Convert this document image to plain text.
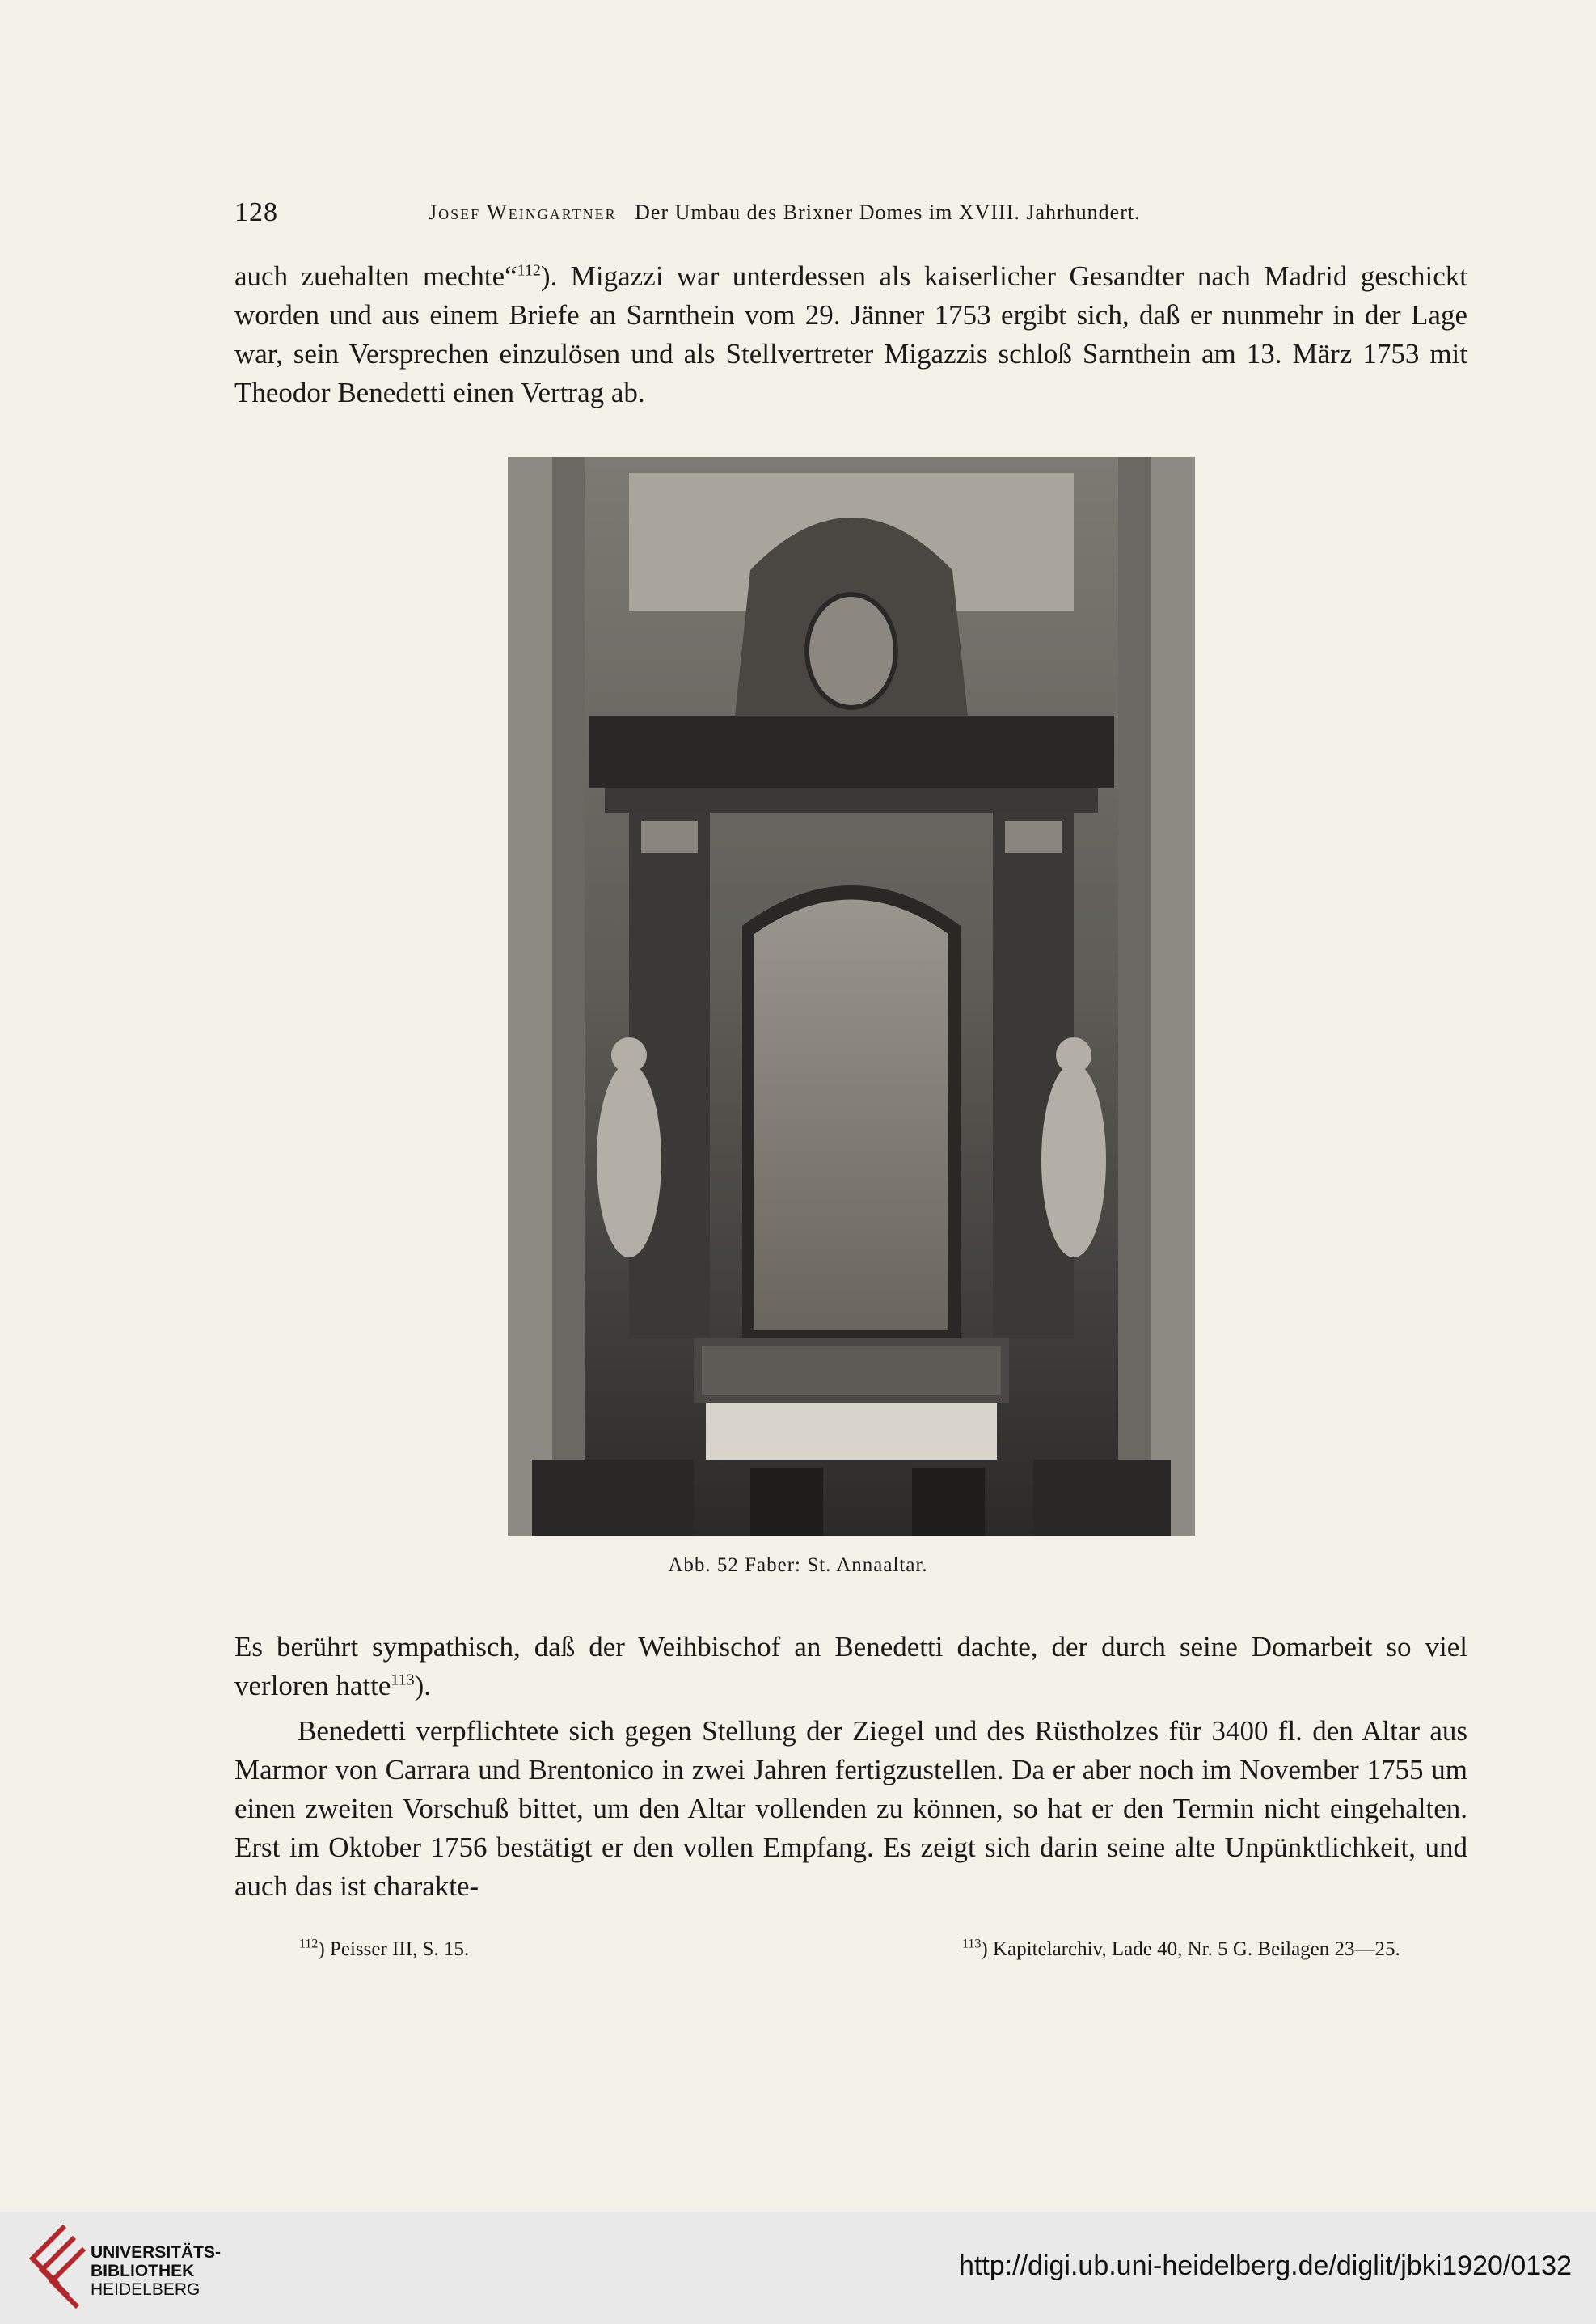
128	Josef Weingartner Der Umbau des Brixner Domes im XVIII. Jahrhundert.

auch zuehalten mechte“$^{112}$). Migazzi war unterdessen als kaiserlicher Gesandter nach Madrid geschickt worden und aus einem Briefe an Sarnthein vom 29. Jänner 1753 ergibt sich, daß er nunmehr in der Lage war, sein Versprechen einzulösen und als Stellvertreter Migazzis schloß Sarnthein am 13. März 1753 mit Theodor Benedetti einen Vertrag ab.

Abb. 52 Faber: St. Annaaltar.

Es berührt sympathisch, daß der Weihbischof an Benedetti dachte, der durch seine Domarbeit so viel verloren hatte$^{113}$).

Benedetti verpflichtete sich gegen Stellung der Ziegel und des Rüstholzes für 3400 fl. den Altar aus Marmor von Carrara und Brentonico in zwei Jahren fertigzustellen. Da er aber noch im November 1755 um einen zweiten Vorschuß bittet, um den Altar vollenden zu können, so hat er den Termin nicht eingehalten. Erst im Oktober 1756 bestätigt er den vollen Empfang. Es zeigt sich darin seine alte Unpünktlichkeit, und auch das ist charakte-

$^{112}$) Peisser III, S. 15.	$^{113}$) Kapitelarchiv, Lade 40, Nr. 5 G. Beilagen 23—25.
UNIVERSITÄTS-
BIBLIOTHEK
HEIDELBERG
http://digi.ub.uni-heidelberg.de/diglit/jbki1920/0132
